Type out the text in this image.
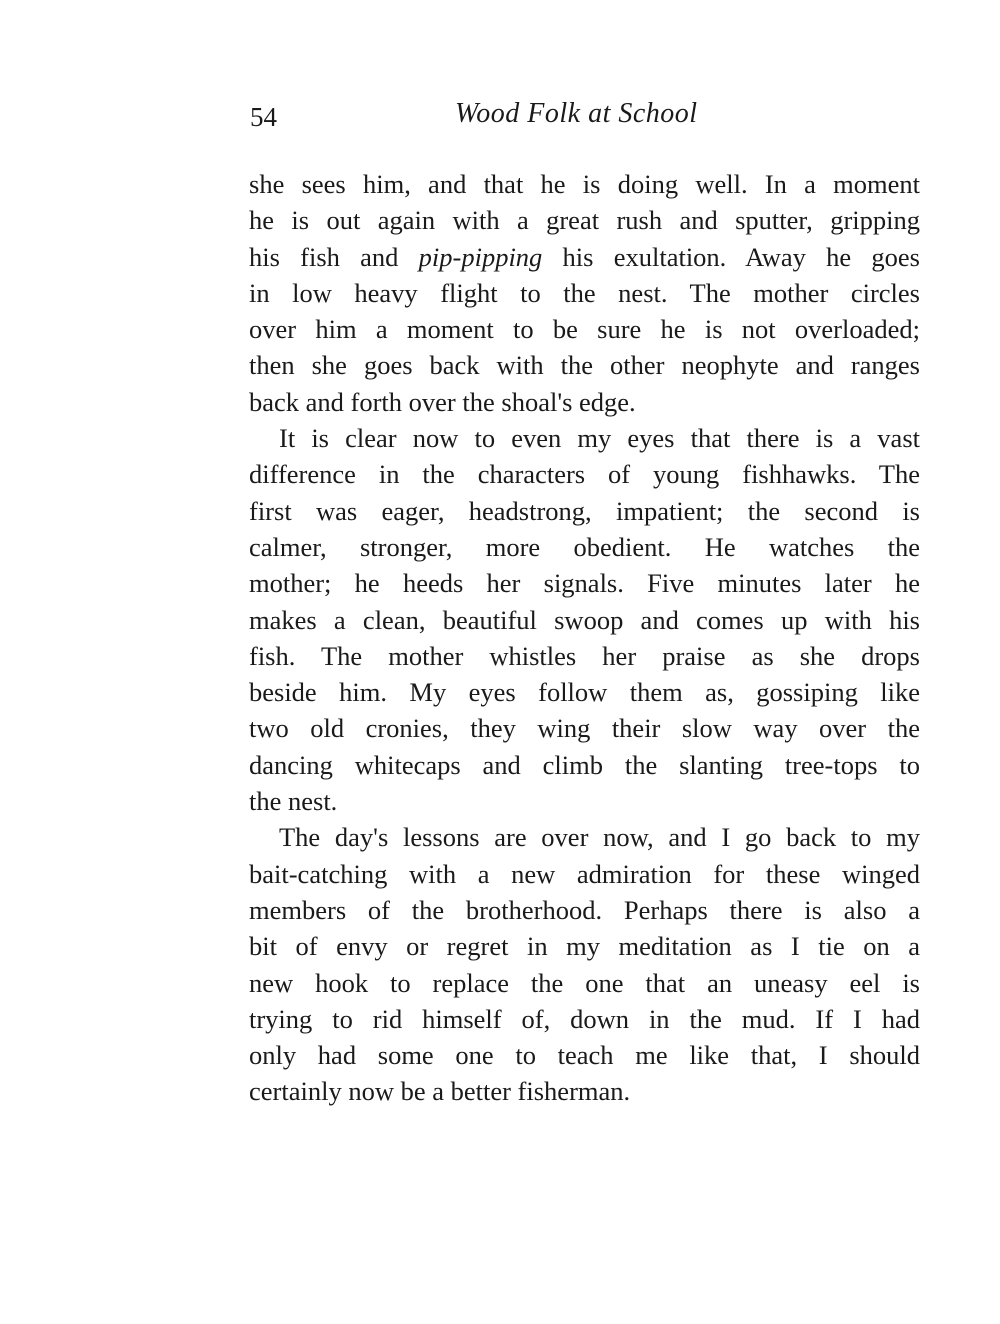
54	Wood Folk at School
she sees him, and that he is doing well. In a moment
he is out again with a great rush and sputter, gripping
his fish and pip-pipping his exultation. Away he goes
in low heavy flight to the nest. The mother circles
over him a moment to be sure he is not overloaded;
then she goes back with the other neophyte and ranges
back and forth over the shoal's edge.
It is clear now to even my eyes that there is a vast
difference in the characters of young fishhawks. The
first was eager, headstrong, impatient; the second is
calmer, stronger, more obedient. He watches the
mother; he heeds her signals. Five minutes later he
makes a clean, beautiful swoop and comes up with his
fish. The mother whistles her praise as she drops
beside him. My eyes follow them as, gossiping like
two old cronies, they wing their slow way over the
dancing whitecaps and climb the slanting tree-tops to
the nest.
The day's lessons are over now, and I go back to my
bait-catching with a new admiration for these winged
members of the brotherhood. Perhaps there is also a
bit of envy or regret in my meditation as I tie on a
new hook to replace the one that an uneasy eel is
trying to rid himself of, down in the mud. If I had
only had some one to teach me like that, I should
certainly now be a better fisherman.
